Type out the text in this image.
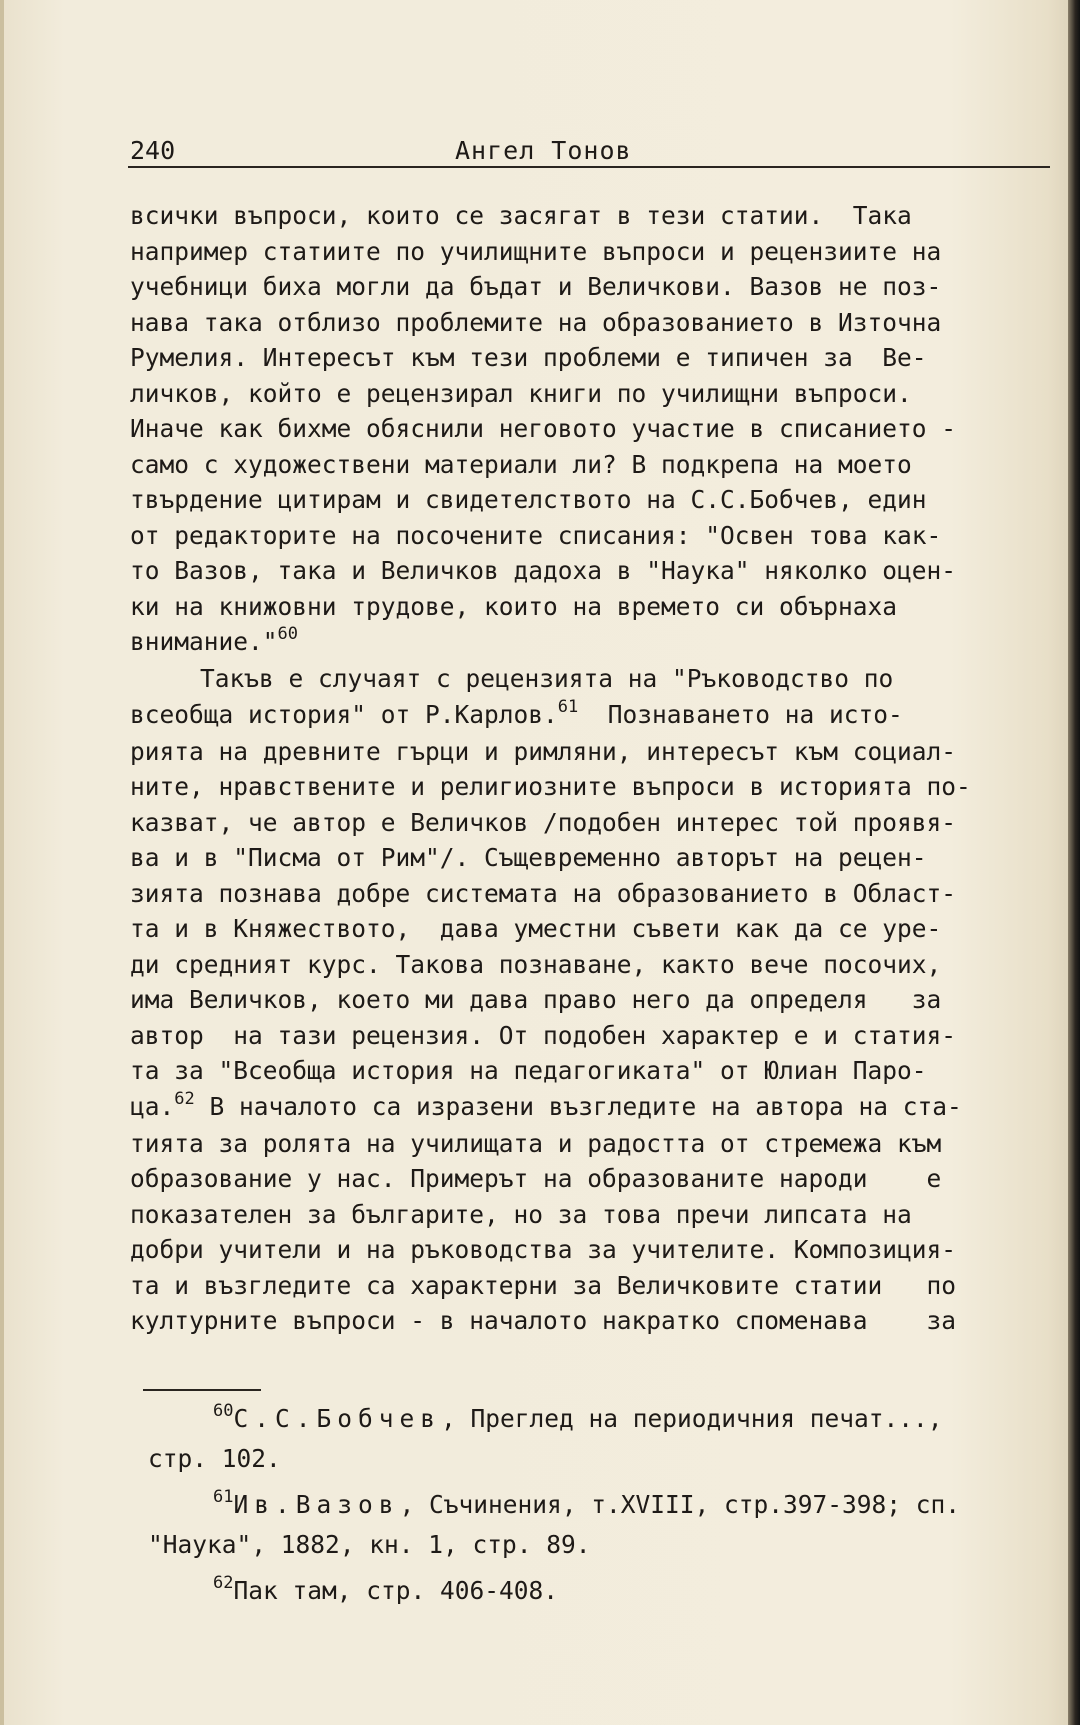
240	Ангел Тонов
всички въпроси, които се засягат в тези статии.  Така
например статиите по училищните въпроси и рецензиите на
учебници биха могли да бъдат и Величкови. Вазов не поз-
нава така отблизо проблемите на образованието в Източна
Румелия. Интересът към тези проблеми е типичен за  Ве-
личков, който е рецензирал книги по училищни въпроси.
Иначе как бихме обяснили неговото участие в списанието -
само с художествени материали ли? В подкрепа на моето
твърдение цитирам и свидетелството на С.С.Бобчев, един
от редакторите на посочените списания: "Освен това как-
то Вазов, така и Величков дадоха в "Наука" няколко оцен-
ки на книжовни трудове, които на времето си обърнаха
внимание."$^{60}$
Такъв е случаят с рецензията на "Ръководство по
всеобща история" от Р.Карлов.$^{61}$  Познаването на исто-
рията на древните гърци и римляни, интересът към социал-
ните, нравствените и религиозните въпроси в историята по-
казват, че автор е Величков /подобен интерес той проявя-
ва и в "Писма от Рим"/. Същевременно авторът на рецен-
зията познава добре системата на образованието в Област-
та и в Княжеството,  дава уместни съвети как да се уре-
ди средният курс. Такова познаване, както вече посочих,
има Величков, което ми дава право него да определя   за
автор  на тази рецензия. От подобен характер е и статия-
та за "Всеобща история на педагогиката" от Юлиан Паро-
ца.$^{62}$ В началото са изразени възгледите на автора на ста-
тията за ролята на училищата и радостта от стремежа към
образование у нас. Примерът на образованите народи    е
показателен за българите, но за това пречи липсата на
добри учители и на ръководства за учителите. Композиция-
та и възгледите са характерни за Величковите статии   по
културните въпроси - в началото накратко споменава    за
$^{60}$С.С.Бобчев, Преглед на периодичния печат...,
стр. 102.
$^{61}$Ив.Вазов, Съчинения, т.XVIII, стр.397-398; сп.
"Наука", 1882, кн. 1, стр. 89.
$^{62}$Пак там, стр. 406-408.
